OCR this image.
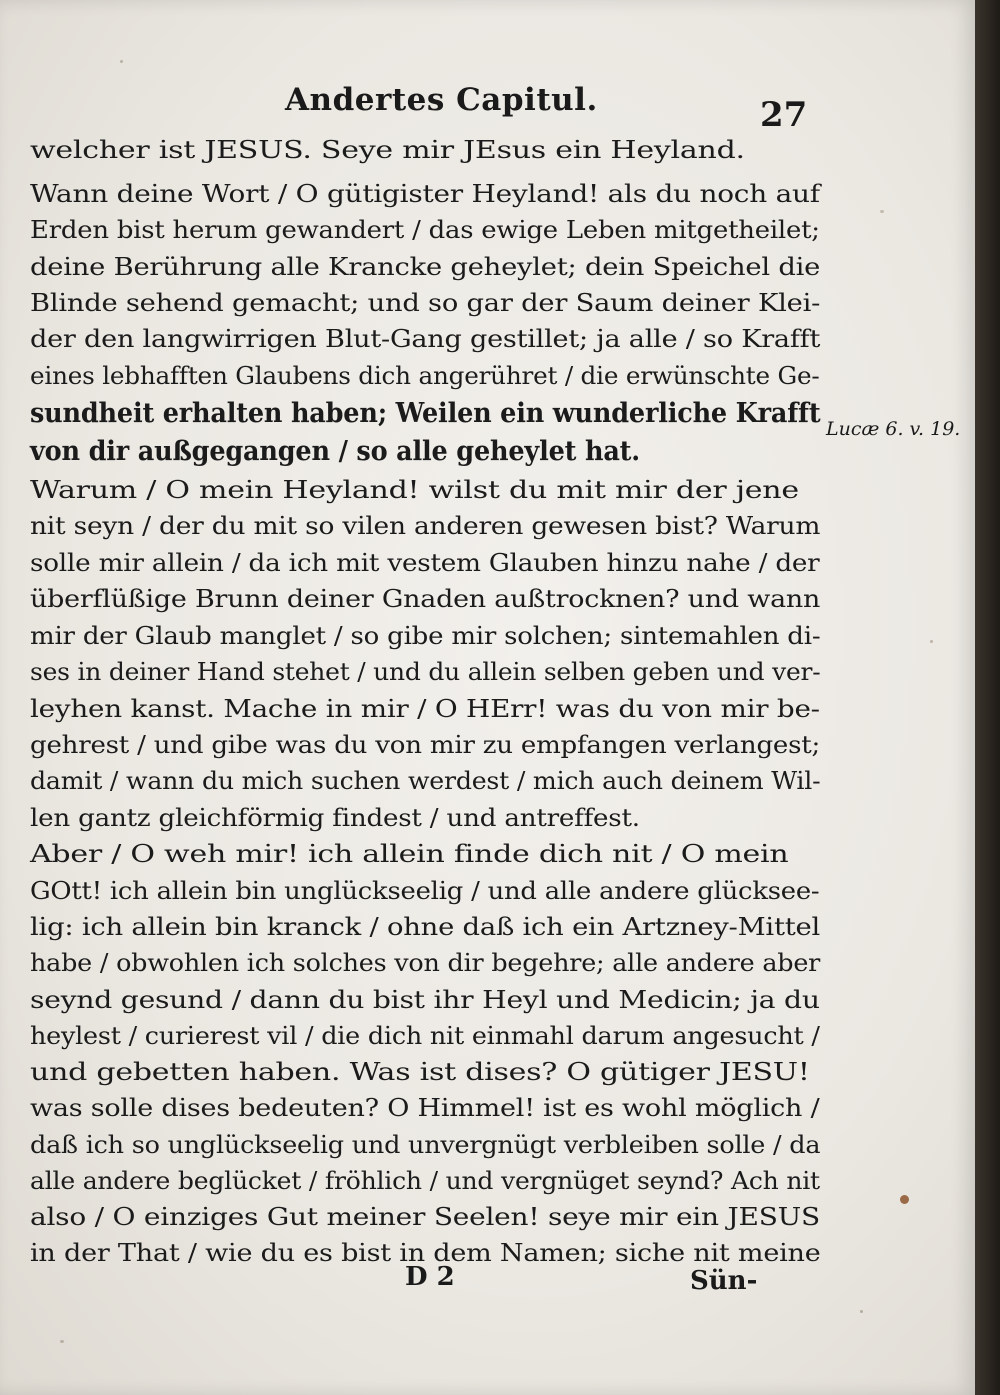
Andertes Capitul.	27
welcher ist JESUS. Seye mir JEsus ein Heyland.
Wann deine Wort / O gütigister Heyland! als du noch auf
Erden bist herum gewandert / das ewige Leben mitgetheilet;
deine Berührung alle Krancke geheylet; dein Speichel die
Blinde sehend gemacht; und so gar der Saum deiner Klei-
der den langwirrigen Blut-Gang gestillet; ja alle / so Krafft
eines lebhafften Glaubens dich angerühret / die erwünschte Ge-
sundheit erhalten haben; Weilen ein wunderliche Krafft
von dir außgegangen / so alle geheylet hat.
Warum / O mein Heyland! wilst du mit mir der jene
nit seyn / der du mit so vilen anderen gewesen bist? Warum
solle mir allein / da ich mit vestem Glauben hinzu nahe / der
überflüßige Brunn deiner Gnaden außtrocknen? und wann
mir der Glaub manglet / so gibe mir solchen; sintemahlen di-
ses in deiner Hand stehet / und du allein selben geben und ver-
leyhen kanst. Mache in mir / O HErr! was du von mir be-
gehrest / und gibe was du von mir zu empfangen verlangest;
damit / wann du mich suchen werdest / mich auch deinem Wil-
len gantz gleichförmig findest / und antreffest.
Aber / O weh mir! ich allein finde dich nit / O mein
GOtt! ich allein bin unglückseelig / und alle andere glücksee-
lig: ich allein bin kranck / ohne daß ich ein Artzney-Mittel
habe / obwohlen ich solches von dir begehre; alle andere aber
seynd gesund / dann du bist ihr Heyl und Medicin; ja du
heylest / curierest vil / die dich nit einmahl darum angesucht /
und gebetten haben. Was ist dises? O gütiger JESU!
was solle dises bedeuten? O Himmel! ist es wohl möglich /
daß ich so unglückseelig und unvergnügt verbleiben solle / da
alle andere beglücket / fröhlich / und vergnüget seynd? Ach nit
also / O einziges Gut meiner Seelen! seye mir ein JESUS
in der That / wie du es bist in dem Namen; siche nit meine
Lucæ 6. v. 19.
D 2	Sün-
